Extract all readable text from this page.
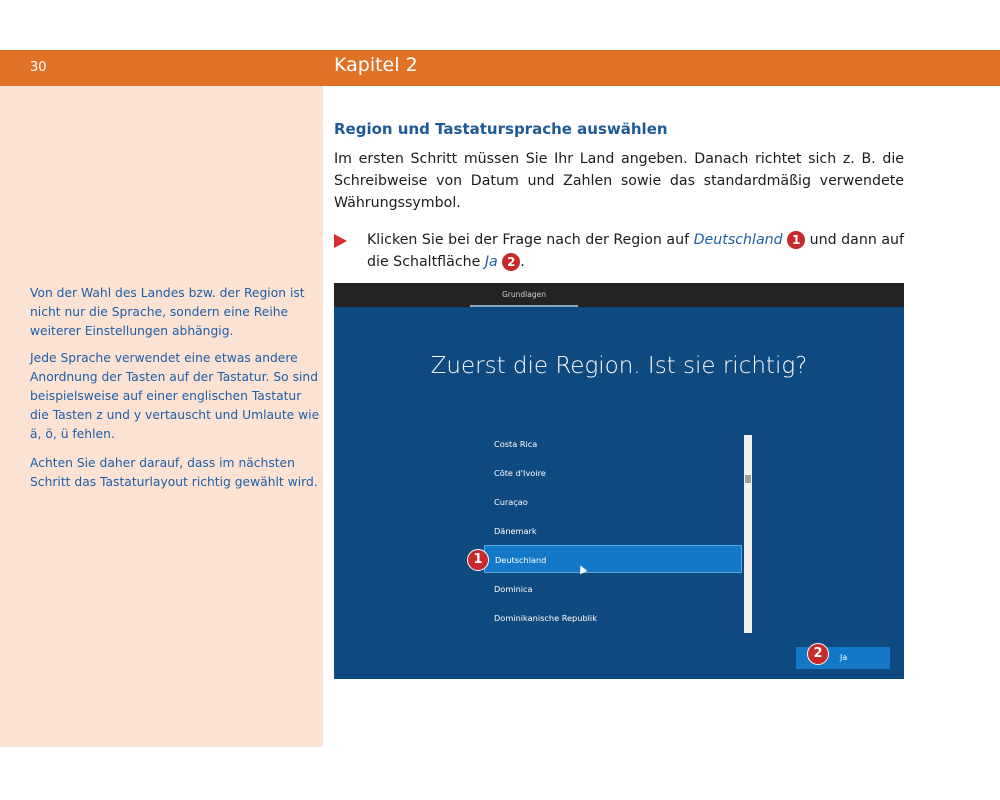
30	Kapitel 2

Von der Wahl des Landes bzw. der Region ist nicht nur die Sprache, sondern eine Reihe weiterer Einstellungen abhängig.

Jede Sprache verwendet eine etwas andere Anordnung der Tasten auf der Tastatur. So sind beispielsweise auf einer englischen Tastatur die Tasten z und y vertauscht und Umlaute wie ä, ö, ü fehlen.

Achten Sie daher darauf, dass im nächsten Schritt das Tastaturlayout richtig gewählt wird.

Region und Tastatursprache auswählen

Im ersten Schritt müssen Sie Ihr Land angeben. Danach richtet sich z. B. die Schreibweise von Datum und Zahlen sowie das standardmäßig verwendete Währungssymbol.

Klicken Sie bei der Frage nach der Region auf Deutschland 1 und dann auf die Schaltfläche Ja 2 .

Grundlagen
Zuerst die Region. Ist sie richtig?
Costa Rica
Côte d'Ivoire
Curaçao
Dänemark
Deutschland
Dominica
Dominikanische Republik
1
Ja
2
